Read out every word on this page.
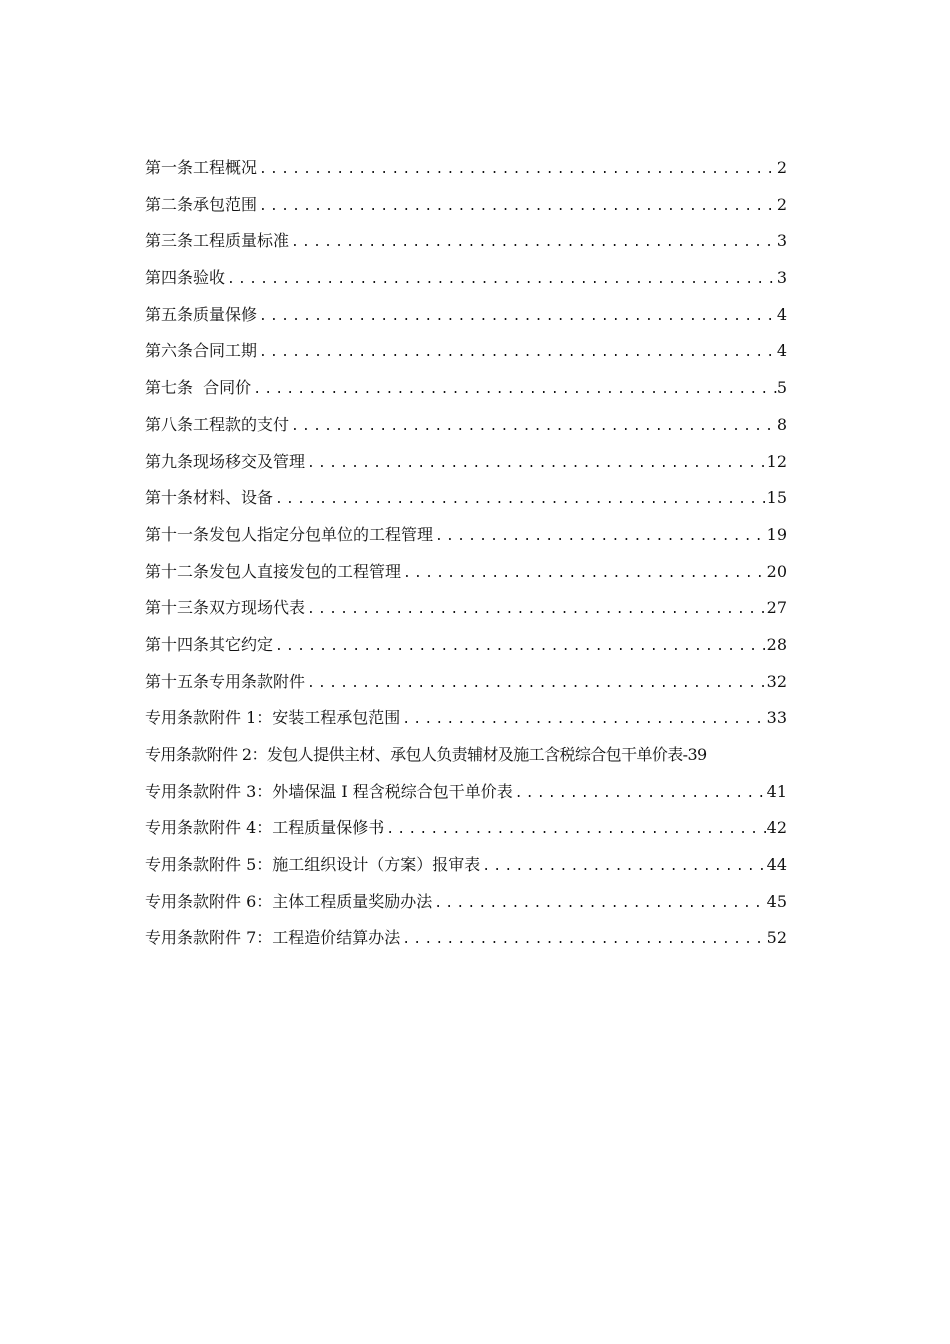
第一条工程概况 .....	2
第二条承包范围 .....	2
第三条工程质量标准 .....	3
第四条验收 .....	3
第五条质量保修 .....	4
第六条合同工期 .....	4
第七条  合同价 .....	5
第八条工程款的支付 .....	8
第九条现场移交及管理 .....	12
第十条材料、设备 .....	15
第十一条发包人指定分包单位的工程管理 .....	19
第十二条发包人直接发包的工程管理 .....	20
第十三条双方现场代表 .....	27
第十四条其它约定 .....	28
第十五条专用条款附件 .....	32
专用条款附件 1：安装工程承包范围 .....	33
专用条款附件 2：发包人提供主材、承包人负责辅材及施工含税综合包干单价表-39
专用条款附件 3：外墙保温 I 程含税综合包干单价表 .....	41
专用条款附件 4：工程质量保修书 .....	42
专用条款附件 5：施工组织设计（方案）报审表 .....	44
专用条款附件 6：主体工程质量奖励办法 .....	45
专用条款附件 7：工程造价结算办法 .....	52
